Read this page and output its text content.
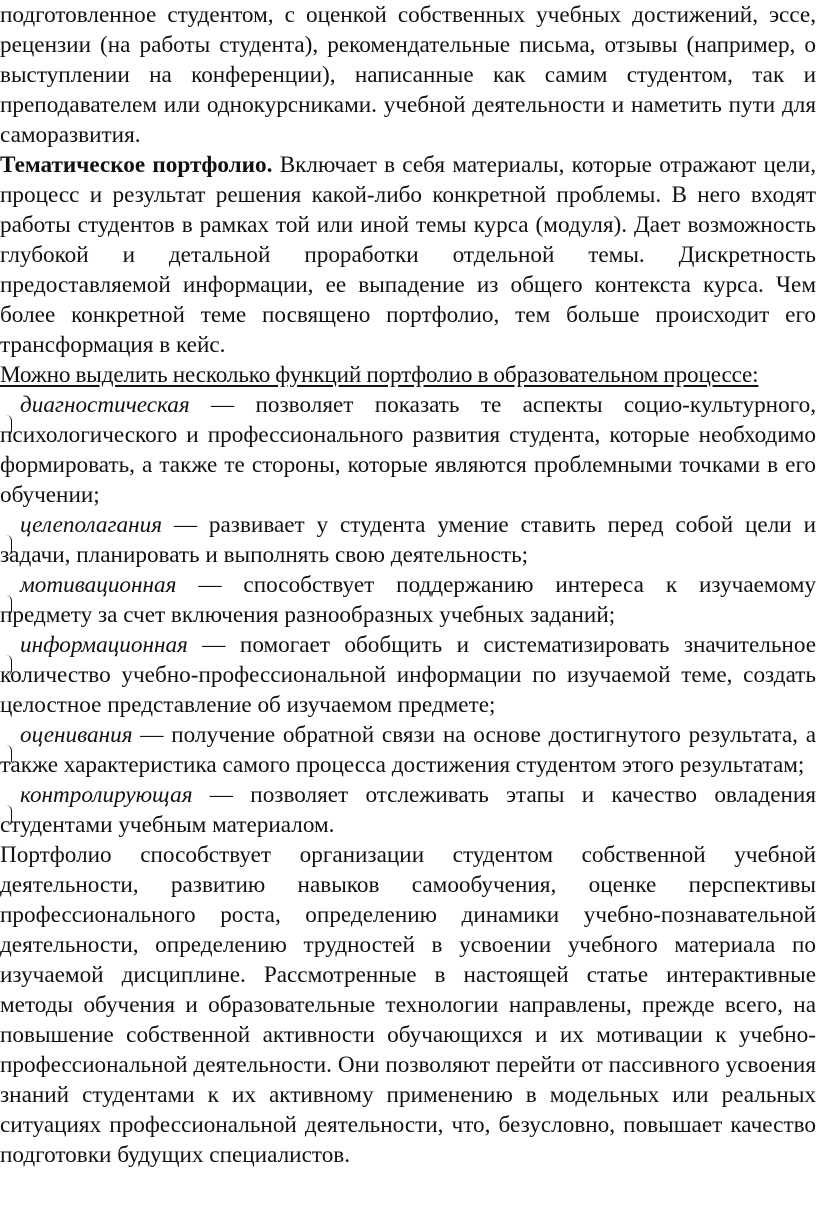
подготовленное студентом, с оценкой собственных учебных достижений, эссе, рецензии (на работы студента), рекомендательные письма, отзывы (например, о выступлении на конференции), написанные как самим студентом, так и преподавателем или однокурсниками. учебной деятельности и наметить пути для саморазвития.

Тематическое портфолио. Включает в себя материалы, которые отражают цели, процесс и результат решения какой-либо конкретной проблемы. В него входят работы студентов в рамках той или иной темы курса (модуля). Дает возможность глубокой и детальной проработки отдельной темы. Дискретность предоставляемой информации, ее выпадение из общего контекста курса. Чем более конкретной теме посвящено портфолио, тем больше происходит его трансформация в кейс.

Можно выделить несколько функций портфолио в образовательном процессе:

диагностическая — позволяет показать те аспекты социо-культурного, психологического и профессионального развития студента, которые необходимо формировать, а также те стороны, которые являются проблемными точками в его обучении;

целеполагания — развивает у студента умение ставить перед собой цели и задачи, планировать и выполнять свою деятельность;

мотивационная — способствует поддержанию интереса к изучаемому предмету за счет включения разнообразных учебных заданий;

информационная — помогает обобщить и систематизировать значительное количество учебно-профессиональной информации по изучаемой теме, создать целостное представление об изучаемом предмете;

оценивания — получение обратной связи на основе достигнутого результата, а также характеристика самого процесса достижения студентом этого результатам;

контролирующая — позволяет отслеживать этапы и качество овладения студентами учебным материалом.

Портфолио способствует организации студентом собственной учебной деятельности, развитию навыков самообучения, оценке перспективы профессионального роста, определению динамики учебно-познавательной деятельности, определению трудностей в усвоении учебного материала по изучаемой дисциплине. Рассмотренные в настоящей статье интерактивные методы обучения и образовательные технологии направлены, прежде всего, на повышение собственной активности обучающихся и их мотивации к учебно-профессиональной деятельности. Они позволяют перейти от пассивного усвоения знаний студентами к их активному применению в модельных или реальных ситуациях профессиональной деятельности, что, безусловно, повышает качество подготовки будущих специалистов.
